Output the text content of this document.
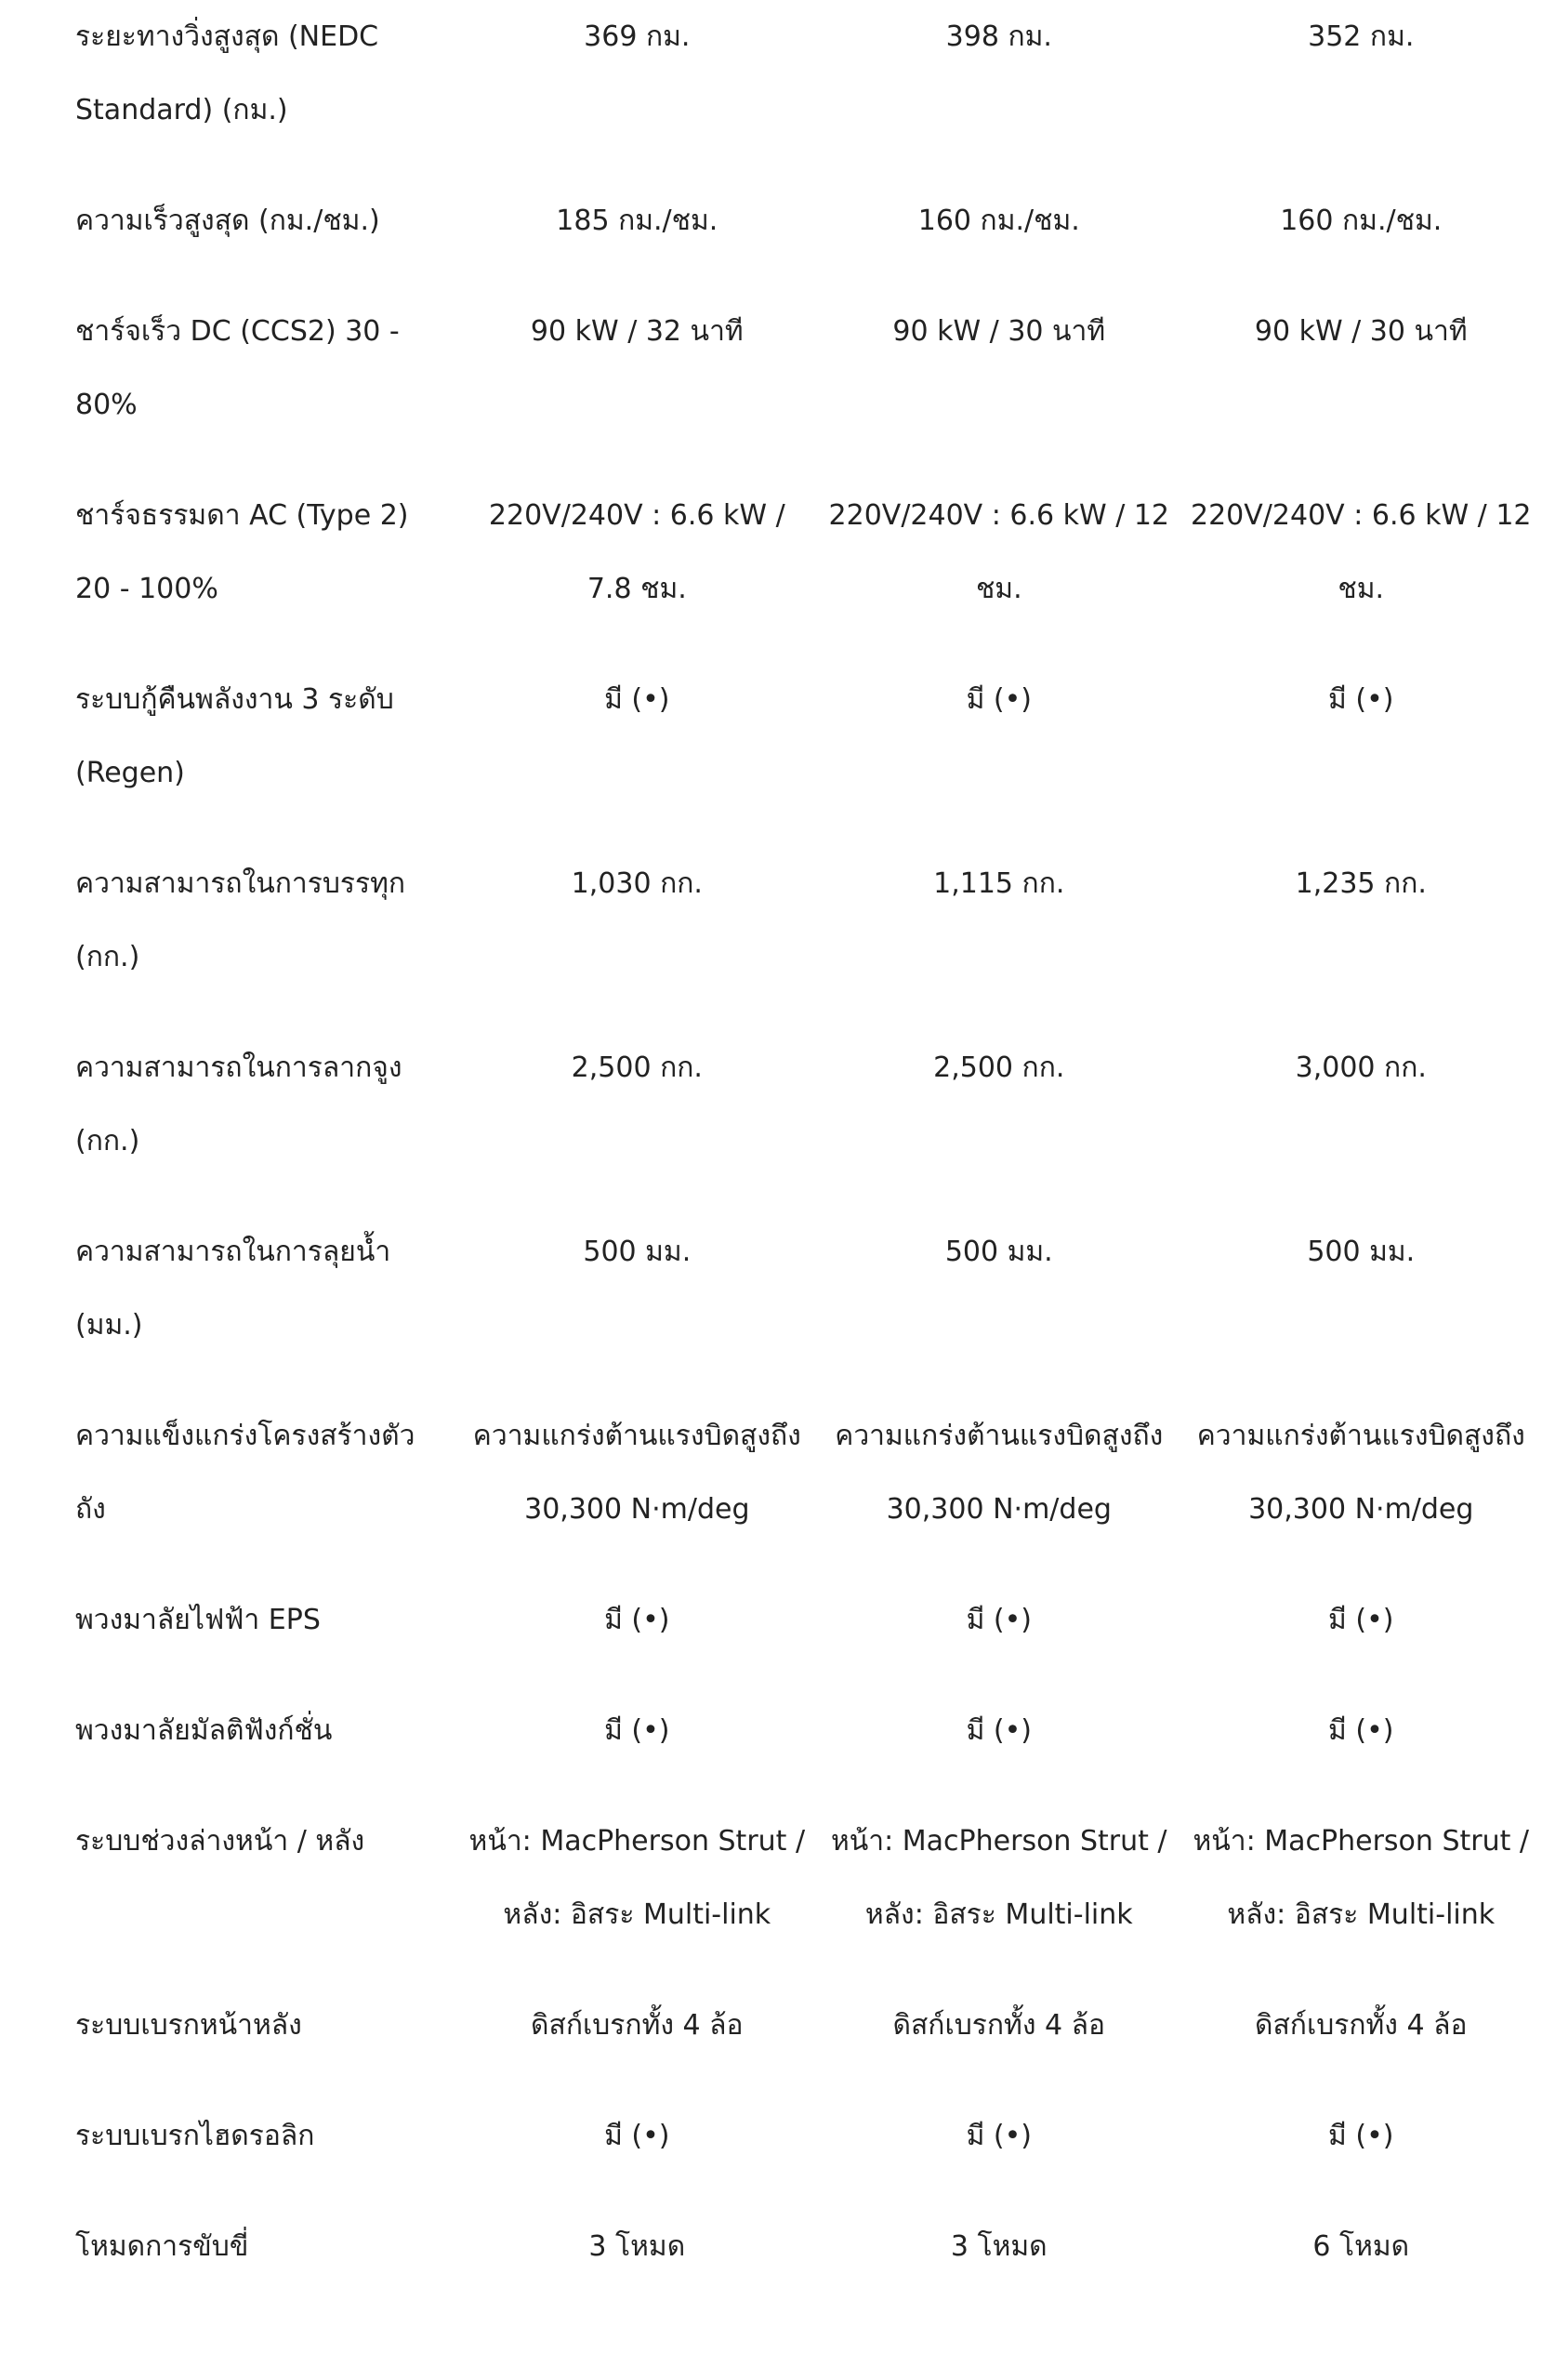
ระยะทางวิ่งสูงสุด (NEDC Standard) (กม.)	369 กม.	398 กม.	352 กม.
ความเร็วสูงสุด (กม./ชม.)	185 กม./ชม.	160 กม./ชม.	160 กม./ชม.
ชาร์จเร็ว DC (CCS2) 30 - 80%	90 kW / 32 นาที	90 kW / 30 นาที	90 kW / 30 นาที
ชาร์จธรรมดา AC (Type 2) 20 - 100%	220V/240V : 6.6 kW / 7.8 ชม.	220V/240V : 6.6 kW / 12 ชม.	220V/240V : 6.6 kW / 12 ชม.
ระบบกู้คืนพลังงาน 3 ระดับ (Regen)	มี (•)	มี (•)	มี (•)
ความสามารถในการบรรทุก (กก.)	1,030 กก.	1,115 กก.	1,235 กก.
ความสามารถในการลากจูง (กก.)	2,500 กก.	2,500 กก.	3,000 กก.
ความสามารถในการลุยน้ำ (มม.)	500 มม.	500 มม.	500 มม.
ความแข็งแกร่งโครงสร้างตัวถัง	ความแกร่งต้านแรงบิดสูงถึง 30,300 N·m/deg	ความแกร่งต้านแรงบิดสูงถึง 30,300 N·m/deg	ความแกร่งต้านแรงบิดสูงถึง 30,300 N·m/deg
พวงมาลัยไฟฟ้า EPS	มี (•)	มี (•)	มี (•)
พวงมาลัยมัลติฟังก์ชั่น	มี (•)	มี (•)	มี (•)
ระบบช่วงล่างหน้า / หลัง	หน้า: MacPherson Strut / หลัง: อิสระ Multi-link	หน้า: MacPherson Strut / หลัง: อิสระ Multi-link	หน้า: MacPherson Strut / หลัง: อิสระ Multi-link
ระบบเบรกหน้าหลัง	ดิสก์เบรกทั้ง 4 ล้อ	ดิสก์เบรกทั้ง 4 ล้อ	ดิสก์เบรกทั้ง 4 ล้อ
ระบบเบรกไฮดรอลิก	มี (•)	มี (•)	มี (•)
โหมดการขับขี่	3 โหมด	3 โหมด	6 โหมด
